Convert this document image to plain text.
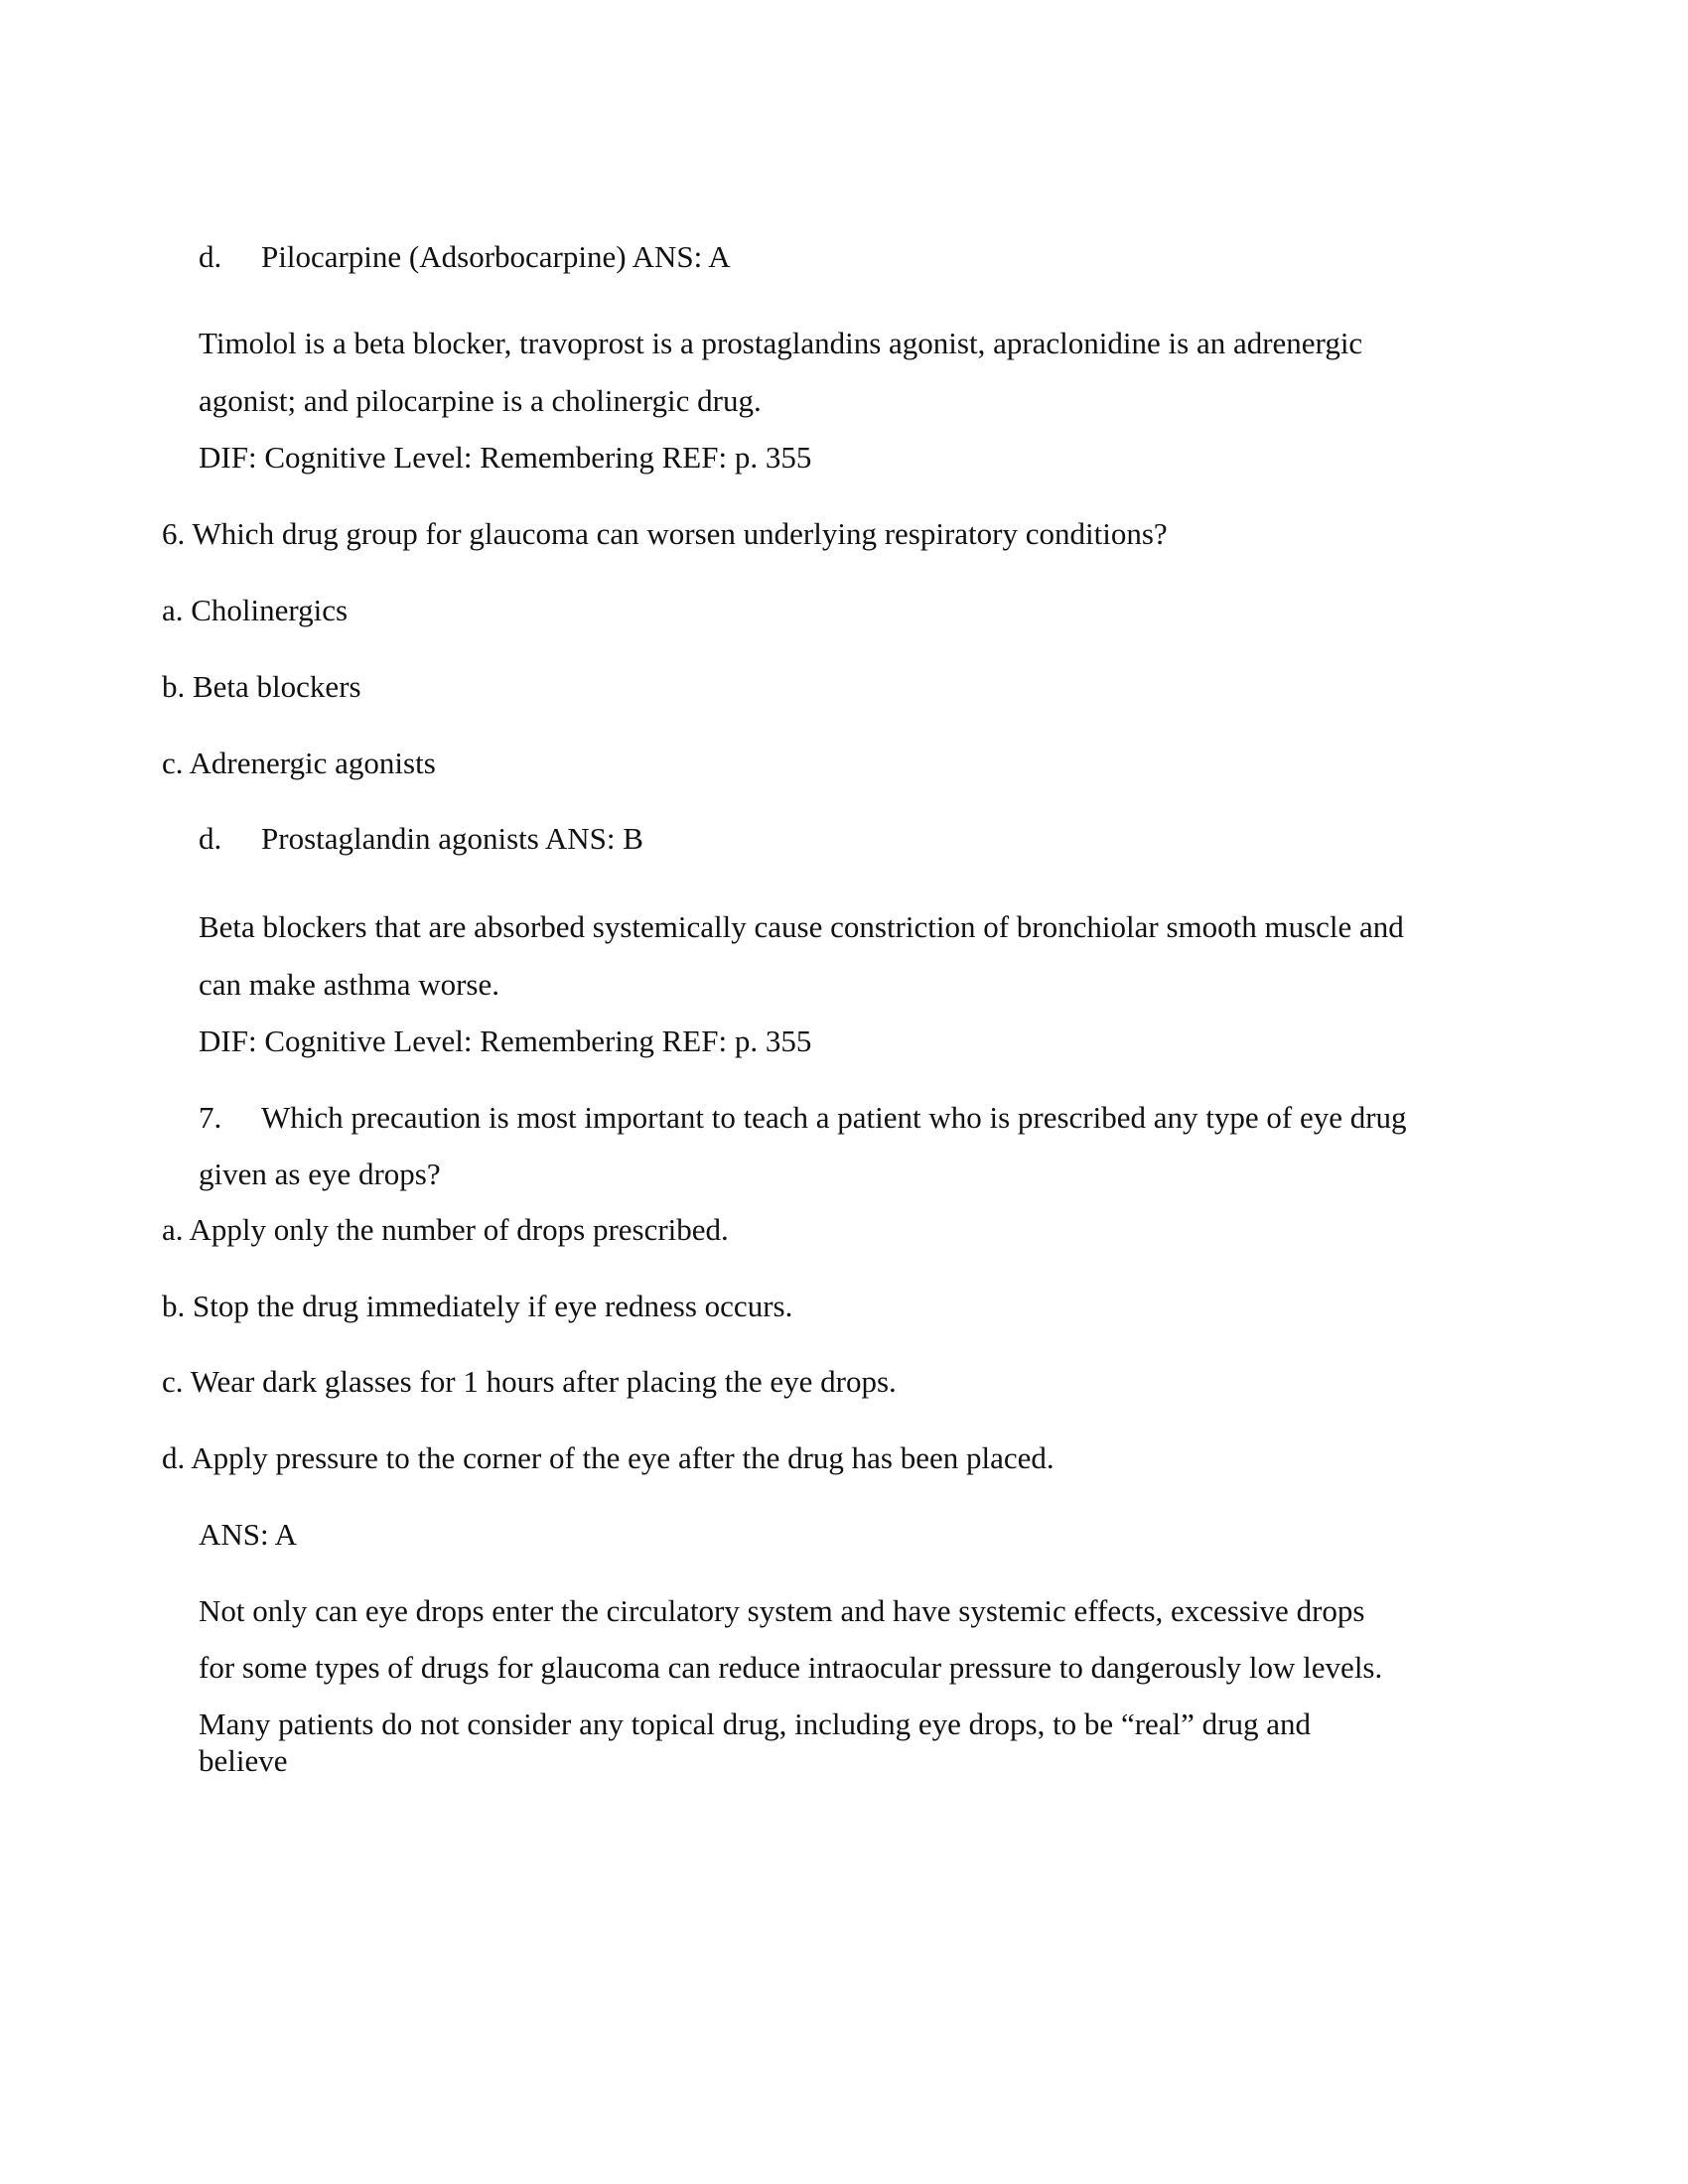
d. Pilocarpine (Adsorbocarpine) ANS: A
Timolol is a beta blocker, travoprost is a prostaglandins agonist, apraclonidine is an adrenergic
agonist; and pilocarpine is a cholinergic drug.
DIF: Cognitive Level: Remembering REF: p. 355
6. Which drug group for glaucoma can worsen underlying respiratory conditions?
a. Cholinergics
b. Beta blockers
c. Adrenergic agonists
d. Prostaglandin agonists ANS: B
Beta blockers that are absorbed systemically cause constriction of bronchiolar smooth muscle and
can make asthma worse.
DIF: Cognitive Level: Remembering REF: p. 355
7. Which precaution is most important to teach a patient who is prescribed any type of eye drug
given as eye drops?
a. Apply only the number of drops prescribed.
b. Stop the drug immediately if eye redness occurs.
c. Wear dark glasses for 1 hours after placing the eye drops.
d. Apply pressure to the corner of the eye after the drug has been placed.
ANS: A
Not only can eye drops enter the circulatory system and have systemic effects, excessive drops
for some types of drugs for glaucoma can reduce intraocular pressure to dangerously low levels.
Many patients do not consider any topical drug, including eye drops, to be “real” drug and
believe
